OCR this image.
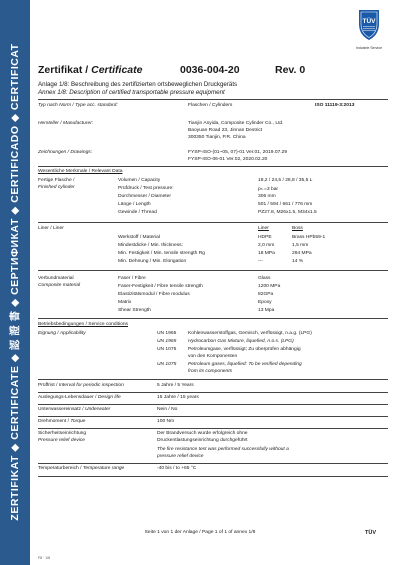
ZERTIFIKAT ◆ CERTIFICATE ◆ 認 證 書 ◆ СЕРТИФИКАТ ◆ CERTIFICADO ◆ CERTIFICAT
TÜV
Industrie Service
Zertifikat / Certificate	0036-004-20	Rev. 0
Anlage 1/8: Beschreibung des zertifizierten ortsbeweglichen Druckgeräts
Annex 1/8: Description of certified transportable pressure equipment
Typ nach Norm / Type acc. standard:	Flaschen / Cylinders	ISO 11119-3:2013
Hersteller / Manufacturer:	Tianjin Anyida, Composite Cylinder Co., Ltd.
Baoyuan Road 23, Jinnan Destrict
300350 Tianjin, P.R. China
Zeichnungen / Drawings:	FYSP-ISO-(01~05, 07)-01 Ver.01, 2019.07.29
FYSP-ISO-06-01 Ver.02, 2020.02.20
Wesentliche Merkmale / Relevant Data
Fertige Flasche /
Finished cylinder
Volumen / Capacity	18,2 / 24,5 / 28,8 / 35,5 L
Prüfdruck / Test pressure:	pₕ =3 bar
Durchmesser / Diameter	306 mm
Länge / Length	501 / 594 / 661 / 776 mm
Gewinde / Thread	PZ27.8, M26x1.5, M34x1.5
Liner / Liner	Liner	Boss
Werkstoff / Material	HDPE	Brass HPb59-1
Mindestdicke / Min. thickness:	2,0 mm	1,5 mm
Min. Festigkeit / Min. tensile strength Rg	18 MPa	294 MPa
Min. Dehnung / Min. Elongation	---	14 %
Verbundmaterial
Composite material
Faser / Fibre	Glass
Faser-Festigkeit / Fibre tensile strength	1200 MPa
Elastizitätsmodul / Fibre modulus	82GPa
Matrix	Epoxy
Shear Strength	13 Mpa
Betriebsbedingungen / Service conditions
Eignung / Applicability	UN 1965 Kohlenwasserstoffgas, Gemisch, verflüssigt, n.a.g. (LPG)
UN 1965 Hydrocarbon Gas Mixture, liquefied, n.o.s. (LPG)
UN 1075 Petroleumgase, verflüssigt; Zu überprüfen abhängig
von den Komponenten
UN 1075 Petroleum gases, liquefied: To be verified depending
from its components
Prüffrist / Interval for periodic inspection	5 Jahre / 5 Years
Auslegungs-Lebensdauer / Design life	15 Jahre / 15 years
Unterwassereinsatz / Underwater	Nein / No
Drehmoment / Torque	100 Nm
Sicherheitseinrichtung
Pressure relief device
Der Brandversuch wurde erfolgreich ohne
Druckentlastungseinrichtung durchgeführt
The fire resistance test was performed successfully without a
pressure relief device
Temperaturbereich / Temperature range	-40 bis / to +65 °C
Seite 1 von 1 der Anlage / Page 1 of 1 of annex 1/8	TÜV
F8 · 1/8
